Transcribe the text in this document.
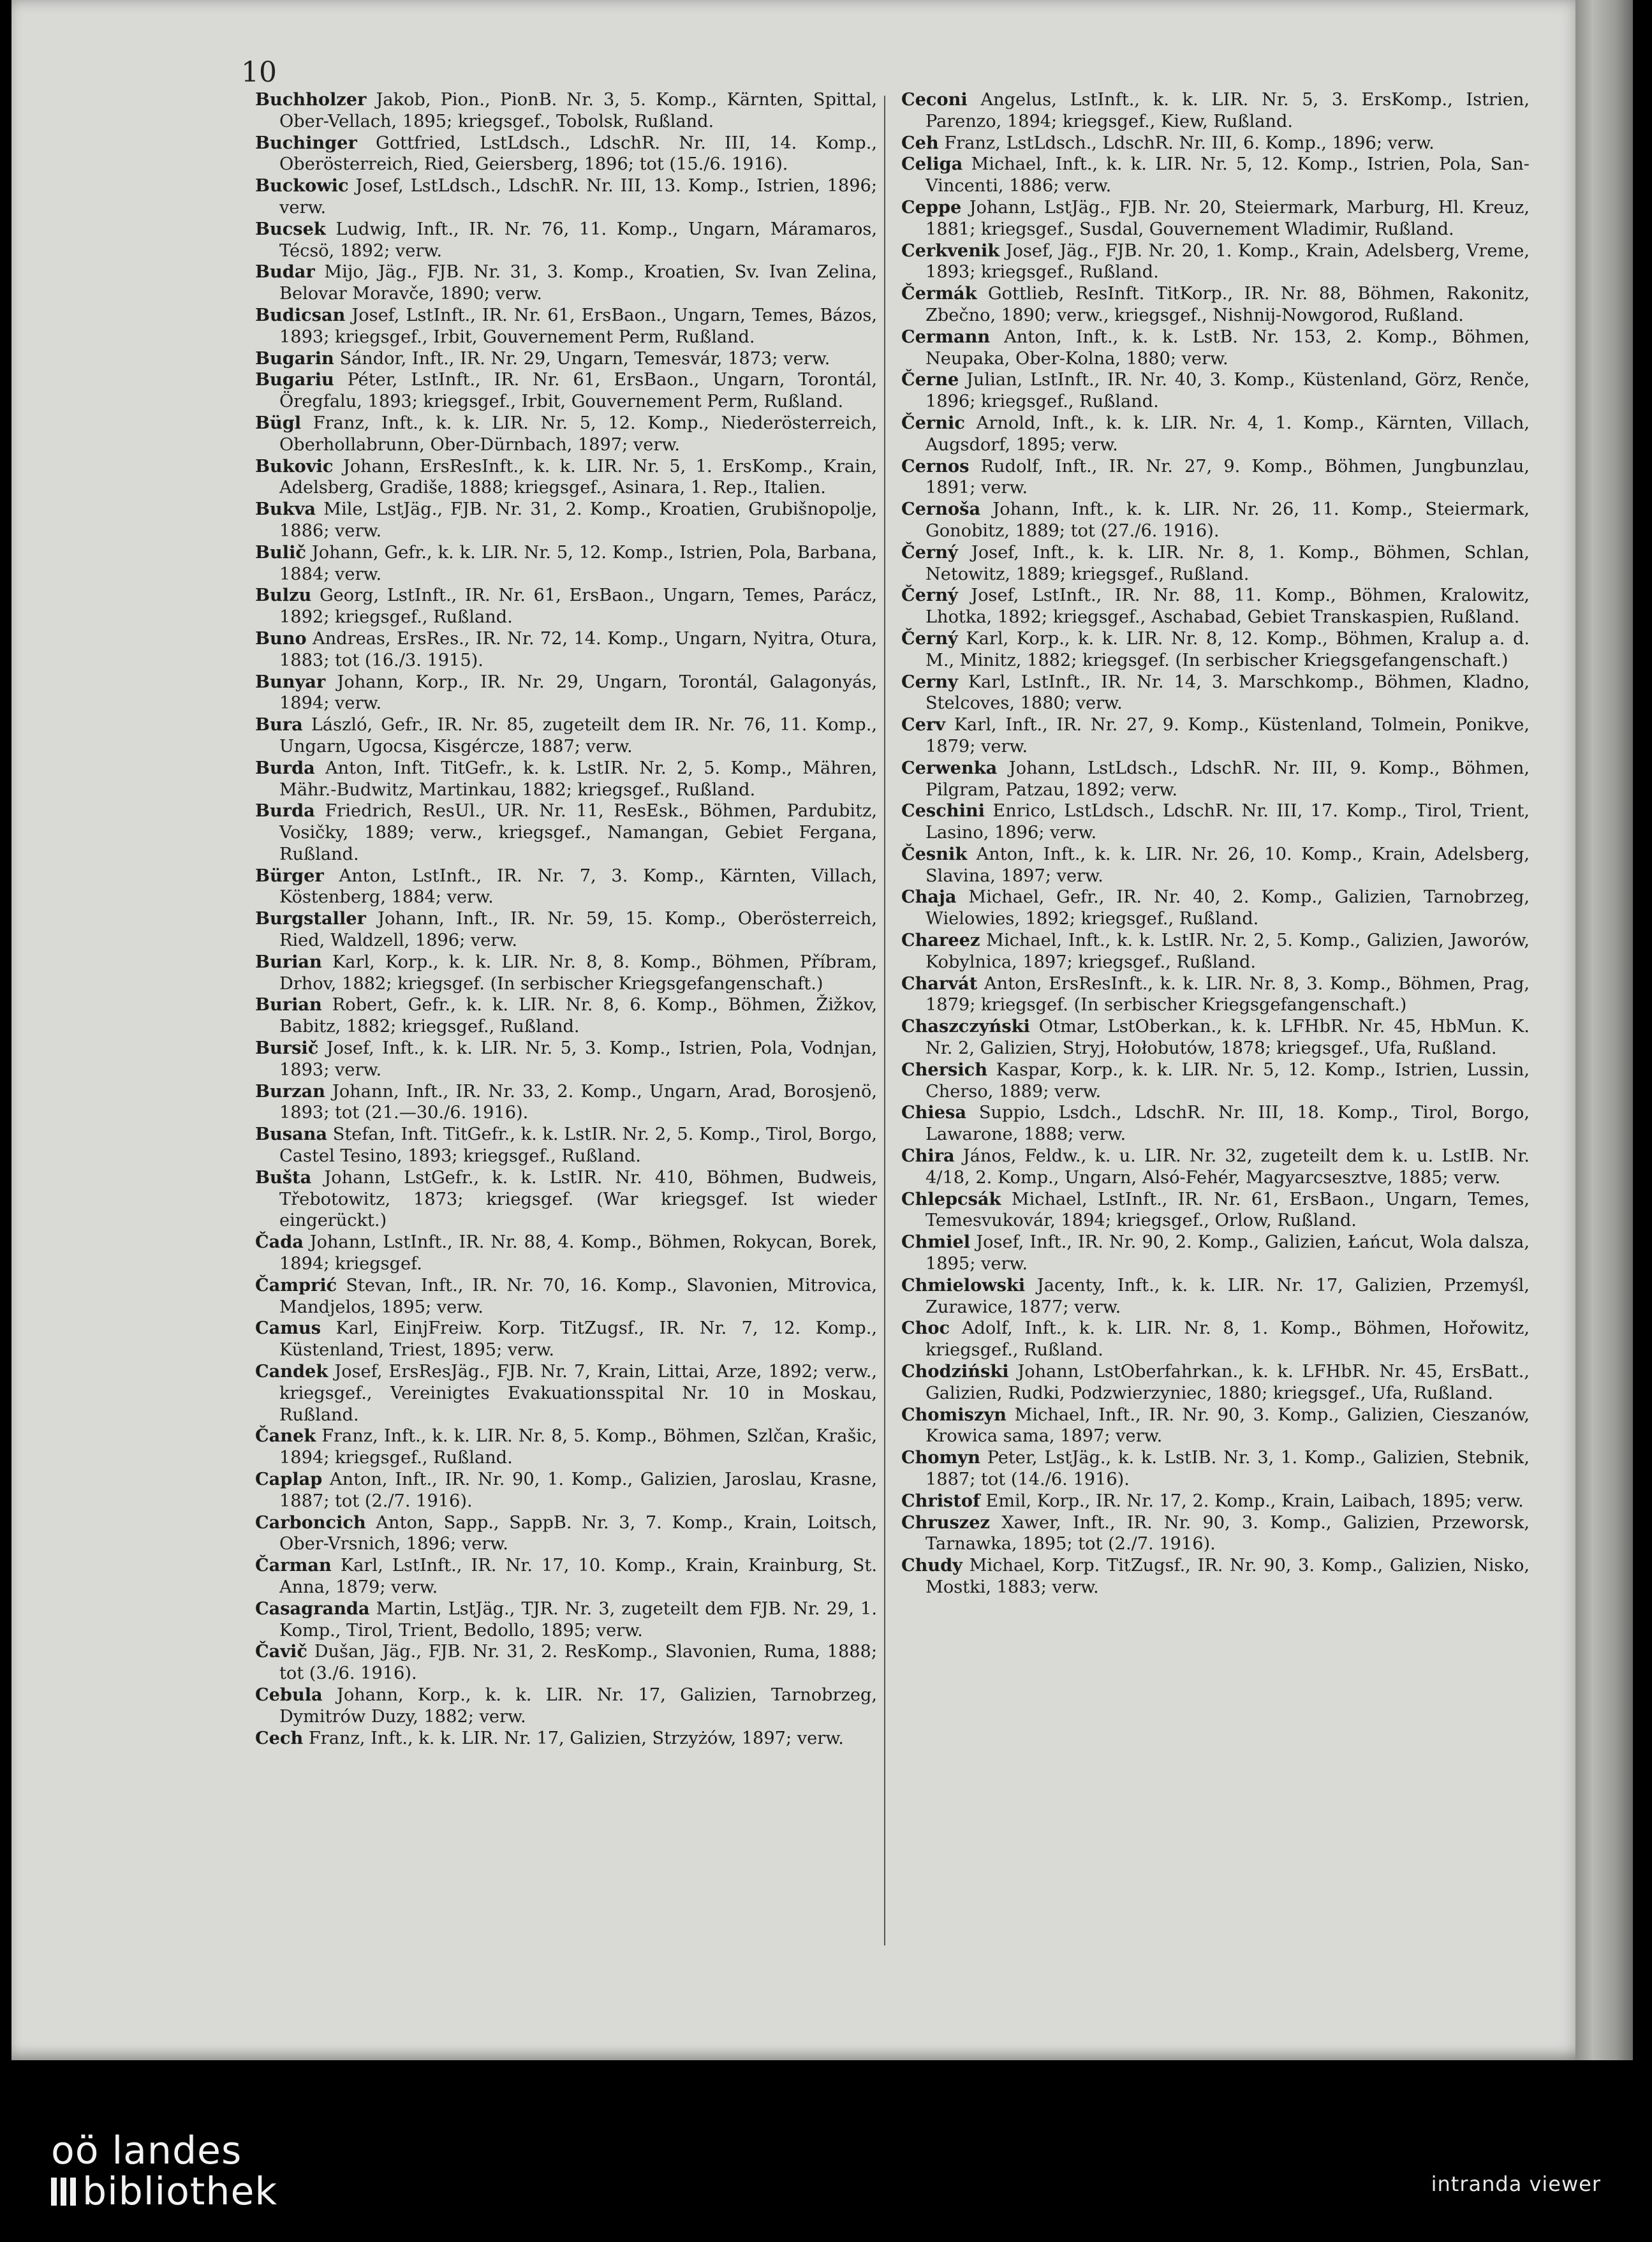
10

Buchholzer Jakob, Pion., PionB. Nr. 3, 5. Komp., Kärnten, Spittal, Ober-Vellach, 1895; kriegsgef., Tobolsk, Rußland.

Buchinger Gottfried, LstLdsch., LdschR. Nr. III, 14. Komp., Oberösterreich, Ried, Geiersberg, 1896; tot (15./6. 1916).

Buckowic Josef, LstLdsch., LdschR. Nr. III, 13. Komp., Istrien, 1896; verw.

Bucsek Ludwig, Inft., IR. Nr. 76, 11. Komp., Ungarn, Máramaros, Técsö, 1892; verw.

Budar Mijo, Jäg., FJB. Nr. 31, 3. Komp., Kroatien, Sv. Ivan Zelina, Belovar Moravče, 1890; verw.

Budicsan Josef, LstInft., IR. Nr. 61, ErsBaon., Ungarn, Temes, Bázos, 1893; kriegsgef., Irbit, Gouvernement Perm, Rußland.

Bugarin Sándor, Inft., IR. Nr. 29, Ungarn, Temesvár, 1873; verw.

Bugariu Péter, LstInft., IR. Nr. 61, ErsBaon., Ungarn, Torontál, Öregfalu, 1893; kriegsgef., Irbit, Gouvernement Perm, Rußland.

Bügl Franz, Inft., k. k. LIR. Nr. 5, 12. Komp., Niederösterreich, Oberhollabrunn, Ober-Dürnbach, 1897; verw.

Bukovic Johann, ErsResInft., k. k. LIR. Nr. 5, 1. ErsKomp., Krain, Adelsberg, Gradiše, 1888; kriegsgef., Asinara, 1. Rep., Italien.

Bukva Mile, LstJäg., FJB. Nr. 31, 2. Komp., Kroatien, Grubišnopolje, 1886; verw.

Bulič Johann, Gefr., k. k. LIR. Nr. 5, 12. Komp., Istrien, Pola, Barbana, 1884; verw.

Bulzu Georg, LstInft., IR. Nr. 61, ErsBaon., Ungarn, Temes, Parácz, 1892; kriegsgef., Rußland.

Buno Andreas, ErsRes., IR. Nr. 72, 14. Komp., Ungarn, Nyitra, Otura, 1883; tot (16./3. 1915).

Bunyar Johann, Korp., IR. Nr. 29, Ungarn, Torontál, Galagonyás, 1894; verw.

Bura László, Gefr., IR. Nr. 85, zugeteilt dem IR. Nr. 76, 11. Komp., Ungarn, Ugocsa, Kisgércze, 1887; verw.

Burda Anton, Inft. TitGefr., k. k. LstIR. Nr. 2, 5. Komp., Mähren, Mähr.-Budwitz, Martinkau, 1882; kriegsgef., Rußland.

Burda Friedrich, ResUl., UR. Nr. 11, ResEsk., Böhmen, Pardubitz, Vosičky, 1889; verw., kriegsgef., Namangan, Gebiet Fergana, Rußland.

Bürger Anton, LstInft., IR. Nr. 7, 3. Komp., Kärnten, Villach, Köstenberg, 1884; verw.

Burgstaller Johann, Inft., IR. Nr. 59, 15. Komp., Oberösterreich, Ried, Waldzell, 1896; verw.

Burian Karl, Korp., k. k. LIR. Nr. 8, 8. Komp., Böhmen, Příbram, Drhov, 1882; kriegsgef. (In serbischer Kriegsgefangenschaft.)

Burian Robert, Gefr., k. k. LIR. Nr. 8, 6. Komp., Böhmen, Žižkov, Babitz, 1882; kriegsgef., Rußland.

Bursič Josef, Inft., k. k. LIR. Nr. 5, 3. Komp., Istrien, Pola, Vodnjan, 1893; verw.

Burzan Johann, Inft., IR. Nr. 33, 2. Komp., Ungarn, Arad, Borosjenö, 1893; tot (21.—30./6. 1916).

Busana Stefan, Inft. TitGefr., k. k. LstIR. Nr. 2, 5. Komp., Tirol, Borgo, Castel Tesino, 1893; kriegsgef., Rußland.

Bušta Johann, LstGefr., k. k. LstIR. Nr. 410, Böhmen, Budweis, Třebotowitz, 1873; kriegsgef. (War kriegsgef. Ist wieder eingerückt.)

Čada Johann, LstInft., IR. Nr. 88, 4. Komp., Böhmen, Rokycan, Borek, 1894; kriegsgef.

Čamprić Stevan, Inft., IR. Nr. 70, 16. Komp., Slavonien, Mitrovica, Mandjelos, 1895; verw.

Camus Karl, EinjFreiw. Korp. TitZugsf., IR. Nr. 7, 12. Komp., Küstenland, Triest, 1895; verw.

Candek Josef, ErsResJäg., FJB. Nr. 7, Krain, Littai, Arze, 1892; verw., kriegsgef., Vereinigtes Evakuationsspital Nr. 10 in Moskau, Rußland.

Čanek Franz, Inft., k. k. LIR. Nr. 8, 5. Komp., Böhmen, Szlčan, Krašic, 1894; kriegsgef., Rußland.

Caplap Anton, Inft., IR. Nr. 90, 1. Komp., Galizien, Jaroslau, Krasne, 1887; tot (2./7. 1916).

Carboncich Anton, Sapp., SappB. Nr. 3, 7. Komp., Krain, Loitsch, Ober-Vrsnich, 1896; verw.

Čarman Karl, LstInft., IR. Nr. 17, 10. Komp., Krain, Krainburg, St. Anna, 1879; verw.

Casagranda Martin, LstJäg., TJR. Nr. 3, zugeteilt dem FJB. Nr. 29, 1. Komp., Tirol, Trient, Bedollo, 1895; verw.

Čavič Dušan, Jäg., FJB. Nr. 31, 2. ResKomp., Slavonien, Ruma, 1888; tot (3./6. 1916).

Cebula Johann, Korp., k. k. LIR. Nr. 17, Galizien, Tarnobrzeg, Dymitrów Duzy, 1882; verw.

Cech Franz, Inft., k. k. LIR. Nr. 17, Galizien, Strzyżów, 1897; verw.

Ceconi Angelus, LstInft., k. k. LIR. Nr. 5, 3. ErsKomp., Istrien, Parenzo, 1894; kriegsgef., Kiew, Rußland.

Ceh Franz, LstLdsch., LdschR. Nr. III, 6. Komp., 1896; verw.

Celiga Michael, Inft., k. k. LIR. Nr. 5, 12. Komp., Istrien, Pola, San-Vincenti, 1886; verw.

Ceppe Johann, LstJäg., FJB. Nr. 20, Steiermark, Marburg, Hl. Kreuz, 1881; kriegsgef., Susdal, Gouvernement Wladimir, Rußland.

Cerkvenik Josef, Jäg., FJB. Nr. 20, 1. Komp., Krain, Adelsberg, Vreme, 1893; kriegsgef., Rußland.

Čermák Gottlieb, ResInft. TitKorp., IR. Nr. 88, Böhmen, Rakonitz, Zbečno, 1890; verw., kriegsgef., Nishnij-Nowgorod, Rußland.

Cermann Anton, Inft., k. k. LstB. Nr. 153, 2. Komp., Böhmen, Neupaka, Ober-Kolna, 1880; verw.

Černe Julian, LstInft., IR. Nr. 40, 3. Komp., Küstenland, Görz, Renče, 1896; kriegsgef., Rußland.

Černic Arnold, Inft., k. k. LIR. Nr. 4, 1. Komp., Kärnten, Villach, Augsdorf, 1895; verw.

Cernos Rudolf, Inft., IR. Nr. 27, 9. Komp., Böhmen, Jungbunzlau, 1891; verw.

Cernoša Johann, Inft., k. k. LIR. Nr. 26, 11. Komp., Steiermark, Gonobitz, 1889; tot (27./6. 1916).

Černý Josef, Inft., k. k. LIR. Nr. 8, 1. Komp., Böhmen, Schlan, Netowitz, 1889; kriegsgef., Rußland.

Černý Josef, LstInft., IR. Nr. 88, 11. Komp., Böhmen, Kralowitz, Lhotka, 1892; kriegsgef., Aschabad, Gebiet Transkaspien, Rußland.

Černý Karl, Korp., k. k. LIR. Nr. 8, 12. Komp., Böhmen, Kralup a. d. M., Minitz, 1882; kriegsgef. (In serbischer Kriegsgefangenschaft.)

Cerny Karl, LstInft., IR. Nr. 14, 3. Marschkomp., Böhmen, Kladno, Stelcoves, 1880; verw.

Cerv Karl, Inft., IR. Nr. 27, 9. Komp., Küstenland, Tolmein, Ponikve, 1879; verw.

Cerwenka Johann, LstLdsch., LdschR. Nr. III, 9. Komp., Böhmen, Pilgram, Patzau, 1892; verw.

Ceschini Enrico, LstLdsch., LdschR. Nr. III, 17. Komp., Tirol, Trient, Lasino, 1896; verw.

Česnik Anton, Inft., k. k. LIR. Nr. 26, 10. Komp., Krain, Adelsberg, Slavina, 1897; verw.

Chaja Michael, Gefr., IR. Nr. 40, 2. Komp., Galizien, Tarnobrzeg, Wielowies, 1892; kriegsgef., Rußland.

Chareez Michael, Inft., k. k. LstIR. Nr. 2, 5. Komp., Galizien, Jaworów, Kobylnica, 1897; kriegsgef., Rußland.

Charvát Anton, ErsResInft., k. k. LIR. Nr. 8, 3. Komp., Böhmen, Prag, 1879; kriegsgef. (In serbischer Kriegsgefangenschaft.)

Chaszczyński Otmar, LstOberkan., k. k. LFHbR. Nr. 45, HbMun. K. Nr. 2, Galizien, Stryj, Hołobutów, 1878; kriegsgef., Ufa, Rußland.

Chersich Kaspar, Korp., k. k. LIR. Nr. 5, 12. Komp., Istrien, Lussin, Cherso, 1889; verw.

Chiesa Suppio, Lsdch., LdschR. Nr. III, 18. Komp., Tirol, Borgo, Lawarone, 1888; verw.

Chira János, Feldw., k. u. LIR. Nr. 32, zugeteilt dem k. u. LstIB. Nr. 4/18, 2. Komp., Ungarn, Alsó-Fehér, Magyarcsesztve, 1885; verw.

Chlepcsák Michael, LstInft., IR. Nr. 61, ErsBaon., Ungarn, Temes, Temesvukovár, 1894; kriegsgef., Orlow, Rußland.

Chmiel Josef, Inft., IR. Nr. 90, 2. Komp., Galizien, Łańcut, Wola dalsza, 1895; verw.

Chmielowski Jacenty, Inft., k. k. LIR. Nr. 17, Galizien, Przemyśl, Zurawice, 1877; verw.

Choc Adolf, Inft., k. k. LIR. Nr. 8, 1. Komp., Böhmen, Hořowitz, kriegsgef., Rußland.

Chodziński Johann, LstOberfahrkan., k. k. LFHbR. Nr. 45, ErsBatt., Galizien, Rudki, Podzwierzyniec, 1880; kriegsgef., Ufa, Rußland.

Chomiszyn Michael, Inft., IR. Nr. 90, 3. Komp., Galizien, Cieszanów, Krowica sama, 1897; verw.

Chomyn Peter, LstJäg., k. k. LstIB. Nr. 3, 1. Komp., Galizien, Stebnik, 1887; tot (14./6. 1916).

Christof Emil, Korp., IR. Nr. 17, 2. Komp., Krain, Laibach, 1895; verw.

Chruszez Xawer, Inft., IR. Nr. 90, 3. Komp., Galizien, Przeworsk, Tarnawka, 1895; tot (2./7. 1916).

Chudy Michael, Korp. TitZugsf., IR. Nr. 90, 3. Komp., Galizien, Nisko, Mostki, 1883; verw.

oö landes
bibliothek	intranda viewer
